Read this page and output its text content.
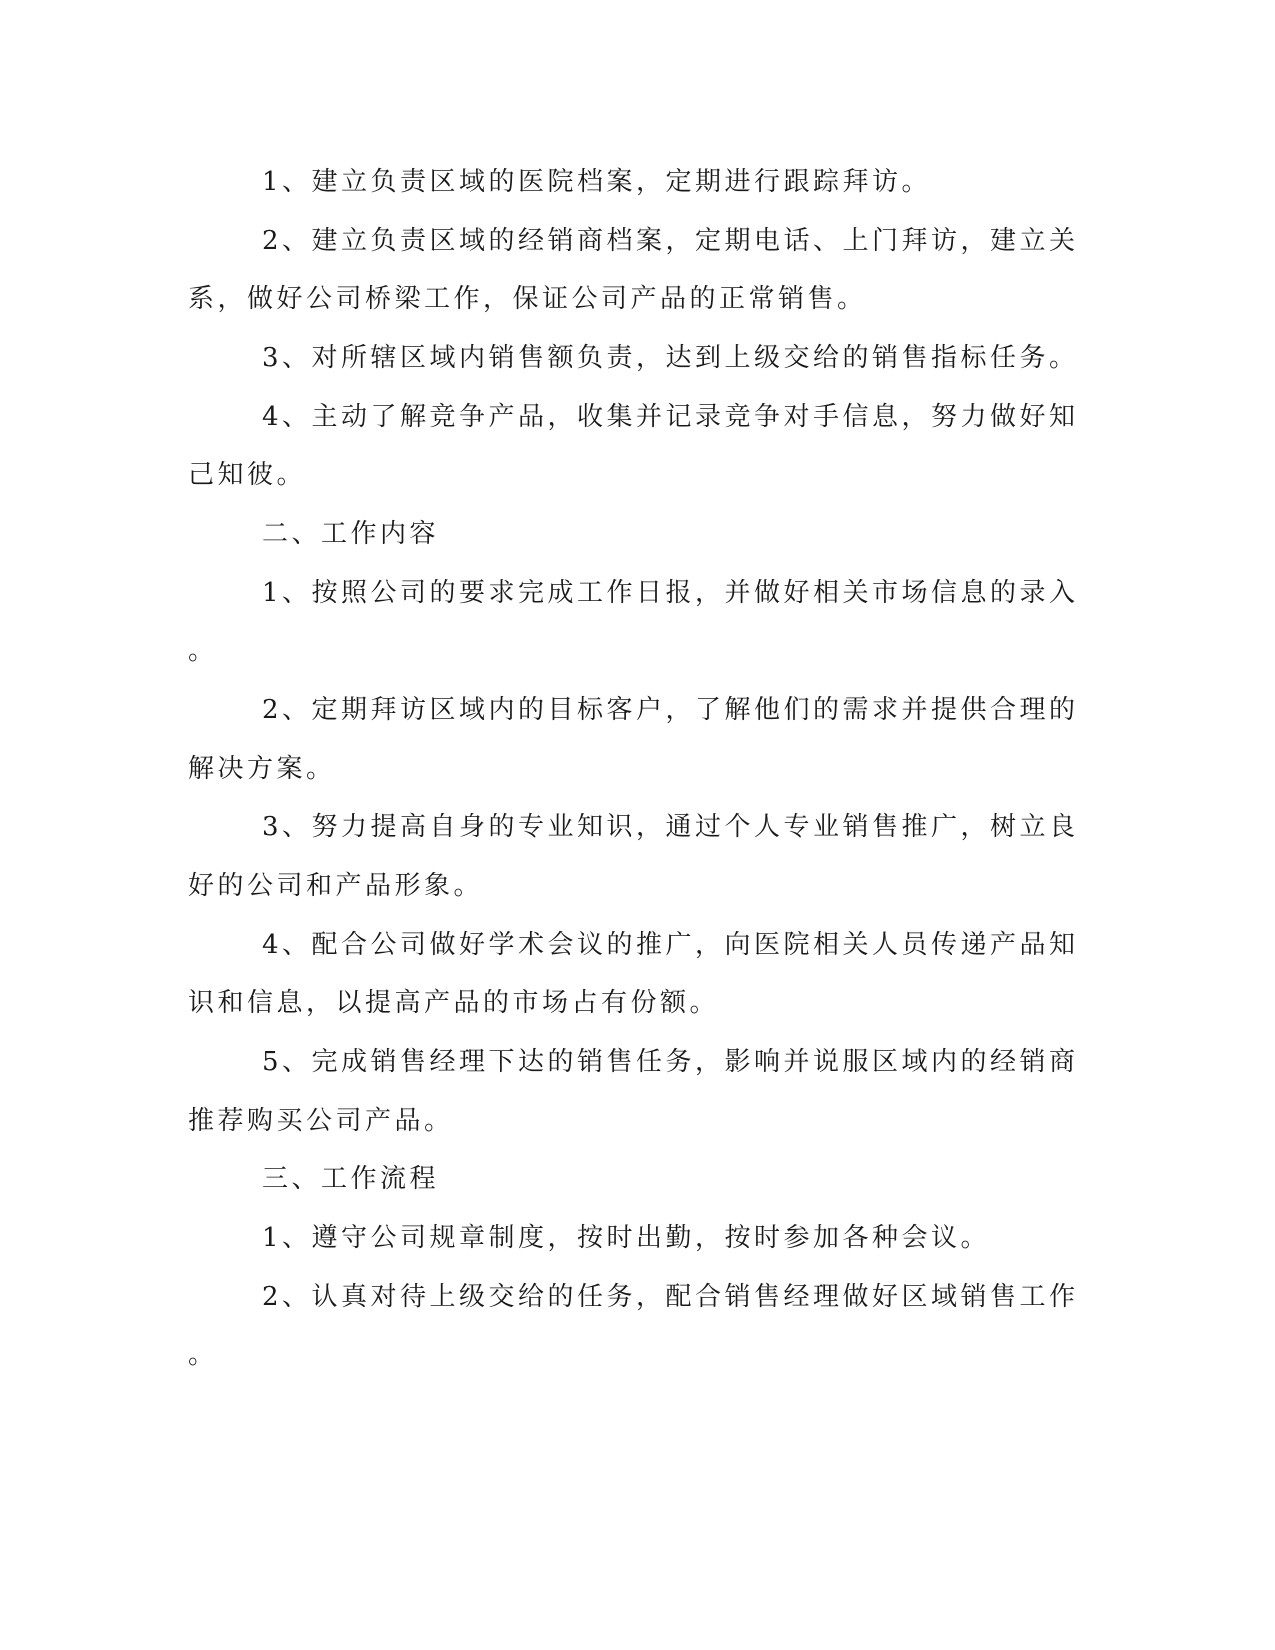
1、建立负责区域的医院档案，定期进行跟踪拜访。
2、建立负责区域的经销商档案，定期电话、上门拜访，建立关
系，做好公司桥梁工作，保证公司产品的正常销售。
3、对所辖区域内销售额负责，达到上级交给的销售指标任务。
4、主动了解竞争产品，收集并记录竞争对手信息，努力做好知
己知彼。
二、工作内容
1、按照公司的要求完成工作日报，并做好相关市场信息的录入
。
2、定期拜访区域内的目标客户，了解他们的需求并提供合理的
解决方案。
3、努力提高自身的专业知识，通过个人专业销售推广，树立良
好的公司和产品形象。
4、配合公司做好学术会议的推广，向医院相关人员传递产品知
识和信息，以提高产品的市场占有份额。
5、完成销售经理下达的销售任务，影响并说服区域内的经销商
推荐购买公司产品。
三、工作流程
1、遵守公司规章制度，按时出勤，按时参加各种会议。
2、认真对待上级交给的任务，配合销售经理做好区域销售工作
。
